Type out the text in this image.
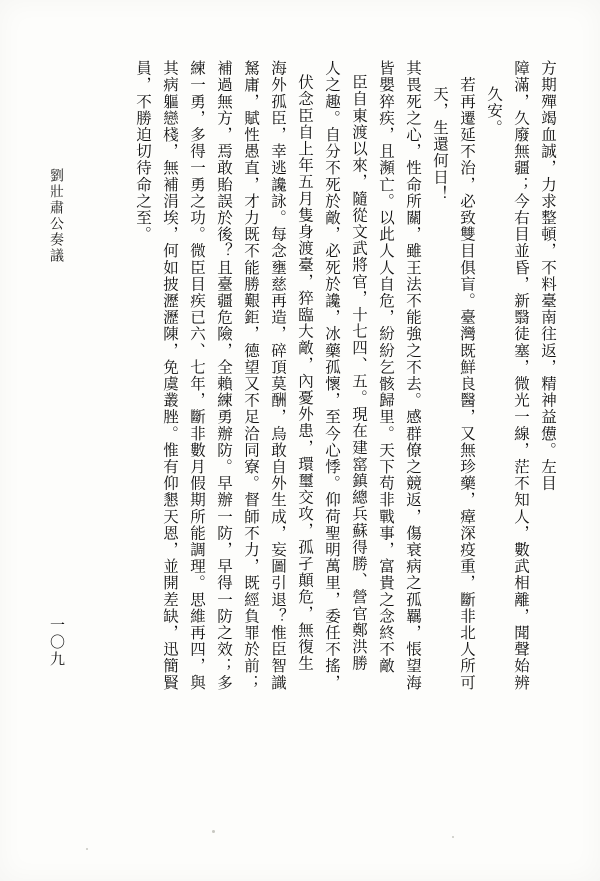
劉壯肅公奏議
一〇九
方期殫竭血誠，力求整頓，不料臺南往返，精神益憊。左目
障滿，久廢無疆；今右目並昏，新翳徒塞，微光一線，茫不知人，數武相離，聞聲始辨
久安。
　若再遷延不治，必致雙目俱盲。臺灣既鮮良醫，又無珍藥，瘴深疫重，斷非北人所可
天，生還何日！
其畏死之心，性命所關，雖王法不能強之不去。感群僚之競返，傷衰病之孤羈，悵望海
皆嬰猝疾，且瀕亡。以此人人自危，紛紛乞骸歸里。天下苟非戰事，富貴之念終不敵
臣自東渡以來，隨從文武將官，十七四、五。現在建窰鎮總兵蘇得勝、營官鄭洪勝
人之趣。自分不死於敵，必死於讒，冰藥孤懷，至今心悸。仰荷聖明萬里，委任不搖，
伏念臣自上年五月隻身渡臺，猝臨大敵，內憂外患，環璽交攻，孤孑顛危，無復生
海外孤臣，幸逃讒詠。每念壅慈再造，碎頂莫酬，烏敢自外生成，妄圖引退？惟臣智識
駑庸，賦性愚直，才力既不能勝艱鉅，德望又不足洽同寮。督師不力，既經負罪於前；
補過無方，焉敢貽誤於後？且臺疆危險，全賴練勇辦防。早辦一防，早得一防之效；多
練一勇，多得一勇之功。微臣目疾已六、七年，斷非數月假期所能調理。思維再四，與
其病軀戀棧，無補涓埃，何如披瀝瀝陳，免虞叢脞。惟有仰懇天恩，並開差缺，迅簡賢
員，不勝迫切待命之至。
